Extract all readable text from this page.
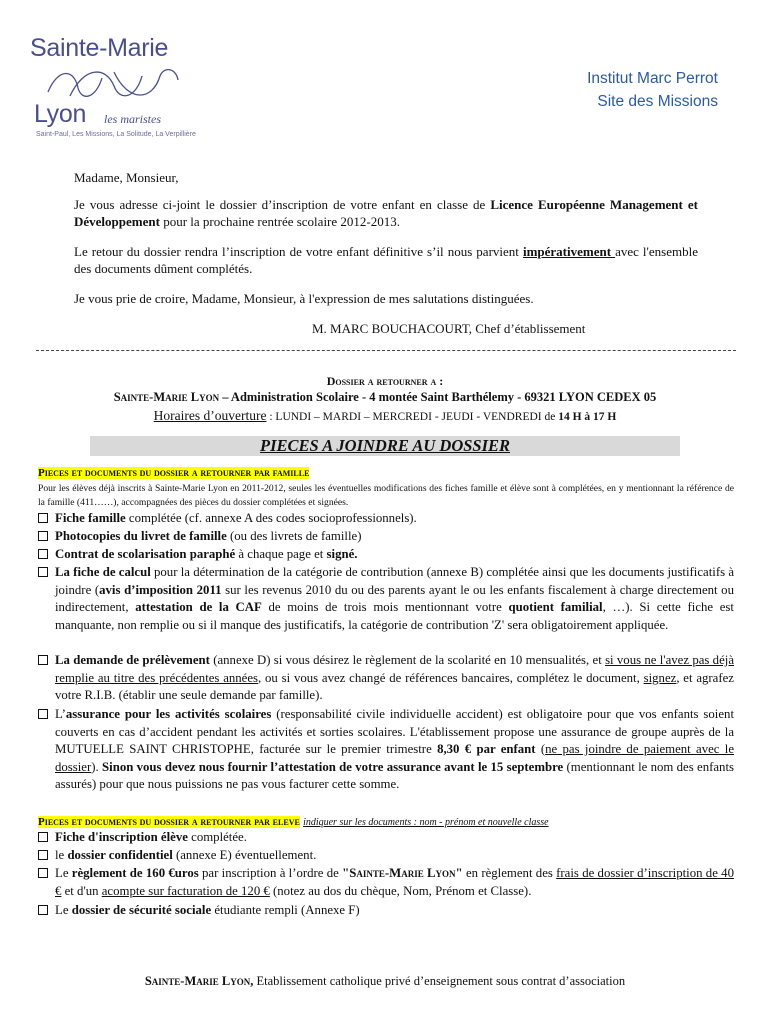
Sainte-Marie
Lyon les maristes
Saint-Paul, Les Missions, La Solitude, La Verpillière
Institut Marc Perrot
Site des Missions
Madame, Monsieur,
Je vous adresse ci-joint le dossier d’inscription de votre enfant en classe de Licence Européenne Management et Développement pour la prochaine rentrée scolaire 2012-2013.
Le retour du dossier rendra l’inscription de votre enfant définitive s’il nous parvient impérativement avec l'ensemble des documents dûment complétés.
Je vous prie de croire, Madame, Monsieur, à l'expression de mes salutations distinguées.
M. MARC BOUCHACOURT, Chef d’établissement
Dossier a retourner a :
Sainte-Marie Lyon – Administration Scolaire - 4 montée Saint Barthélemy - 69321 LYON CEDEX 05
Horaires d’ouverture : LUNDI – MARDI – MERCREDI - JEUDI - VENDREDI de 14 H à 17 H
PIECES A JOINDRE AU DOSSIER
Pieces et documents du dossier a retourner par famille
Pour les élèves déjà inscrits à Sainte-Marie Lyon en 2011-2012, seules les éventuelles modifications des fiches famille et élève sont à complétées, en y mentionnant la référence de la famille (411……), accompagnées des pièces du dossier complétées et signées.
Fiche famille complétée (cf. annexe A des codes socioprofessionnels).
Photocopies du livret de famille (ou des livrets de famille)
Contrat de scolarisation paraphé à chaque page et signé.
La fiche de calcul pour la détermination de la catégorie de contribution (annexe B) complétée ainsi que les documents justificatifs à joindre (avis d’imposition 2011 sur les revenus 2010 du ou des parents ayant le ou les enfants fiscalement à charge directement ou indirectement, attestation de la CAF de moins de trois mois mentionnant votre quotient familial, …). Si cette fiche est manquante, non remplie ou si il manque des justificatifs, la catégorie de contribution 'Z' sera obligatoirement appliquée.
La demande de prélèvement (annexe D) si vous désirez le règlement de la scolarité en 10 mensualités, et si vous ne l'avez pas déjà remplie au titre des précédentes années, ou si vous avez changé de références bancaires, complétez le document, signez, et agrafez votre R.I.B. (établir une seule demande par famille).
L’assurance pour les activités scolaires (responsabilité civile individuelle accident) est obligatoire pour que vos enfants soient couverts en cas d’accident pendant les activités et sorties scolaires. L'établissement propose une assurance de groupe auprès de la MUTUELLE SAINT CHRISTOPHE, facturée sur le premier trimestre 8,30 € par enfant (ne pas joindre de paiement avec le dossier). Sinon vous devez nous fournir l’attestation de votre assurance avant le 15 septembre (mentionnant le nom des enfants assurés) pour que nous puissions ne pas vous facturer cette somme.
Pieces et documents du dossier a retourner par eleve indiquer sur les documents : nom - prénom et nouvelle classe
Fiche d'inscription élève complétée.
le dossier confidentiel (annexe E) éventuellement.
Le règlement de 160 €uros par inscription à l’ordre de "Sainte-Marie Lyon" en règlement des frais de dossier d’inscription de 40 € et d'un acompte sur facturation de 120 € (notez au dos du chèque, Nom, Prénom et Classe).
Le dossier de sécurité sociale étudiante rempli (Annexe F)
Sainte-Marie Lyon, Etablissement catholique privé d’enseignement sous contrat d’association
